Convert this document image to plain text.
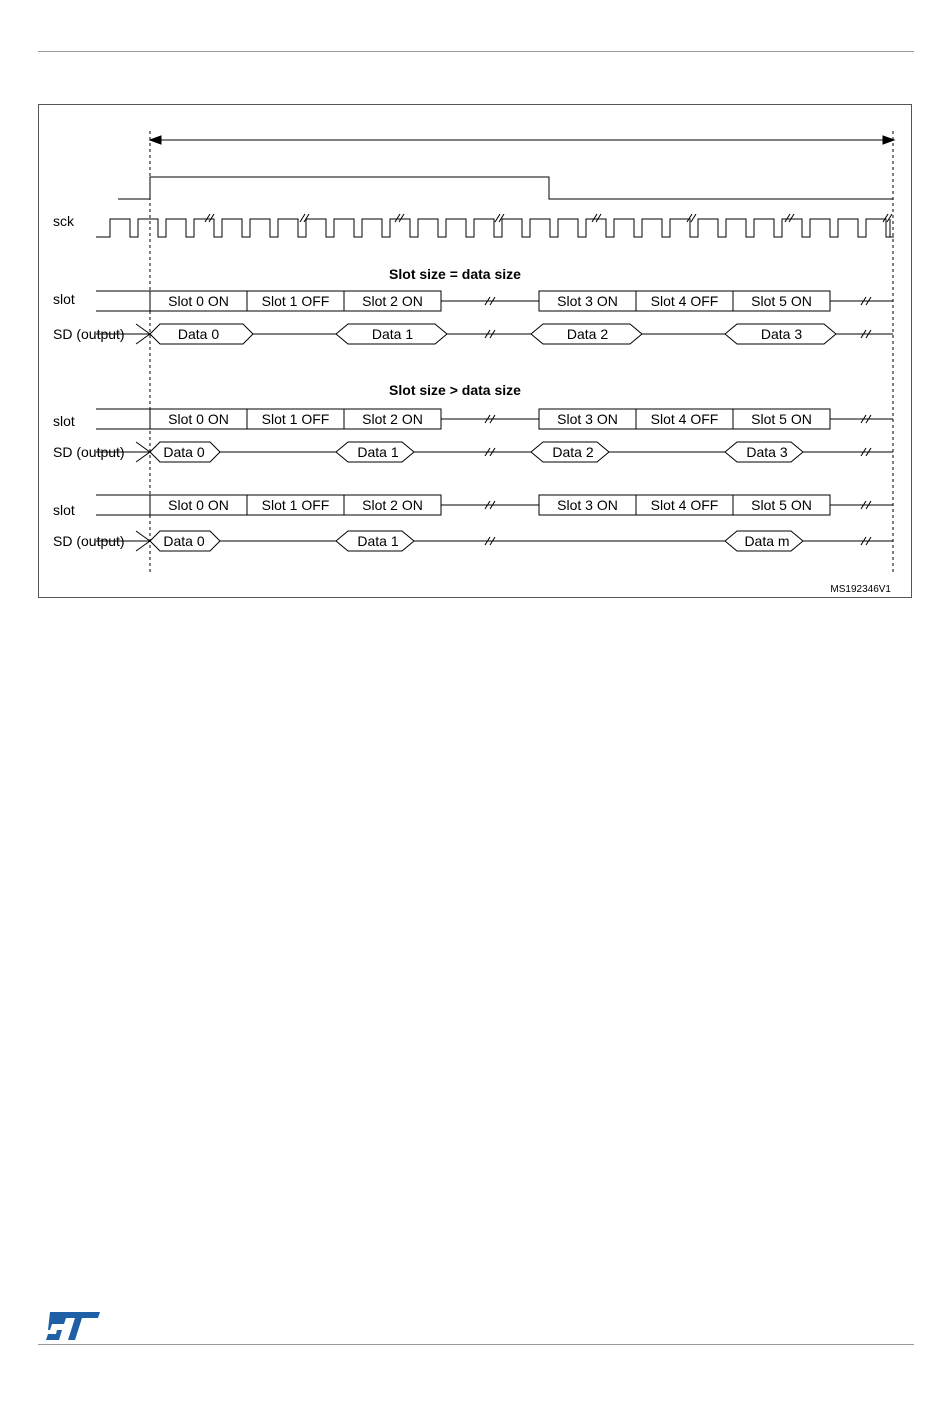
Slot 0 ON Slot 1 OFF Slot 2 ON	Slot 3 ON Slot 4 OFF Slot 5 ON
Data 0	Data 1	Data 2	Data 3
Slot 0 ON Slot 1 OFF Slot 2 ON	Slot 3 ON Slot 4 OFF Slot 5 ON
Data 0	Data 1	Data 2	Data 3
Slot 0 ON Slot 1 OFF Slot 2 ON	Slot 3 ON Slot 4 OFF Slot 5 ON
Data 0	Data 1	Data m
sck
Slot size = data size
slot
SD (output)
Slot size > data size
slot
SD (output)
slot
SD (output)
MS192346V1
